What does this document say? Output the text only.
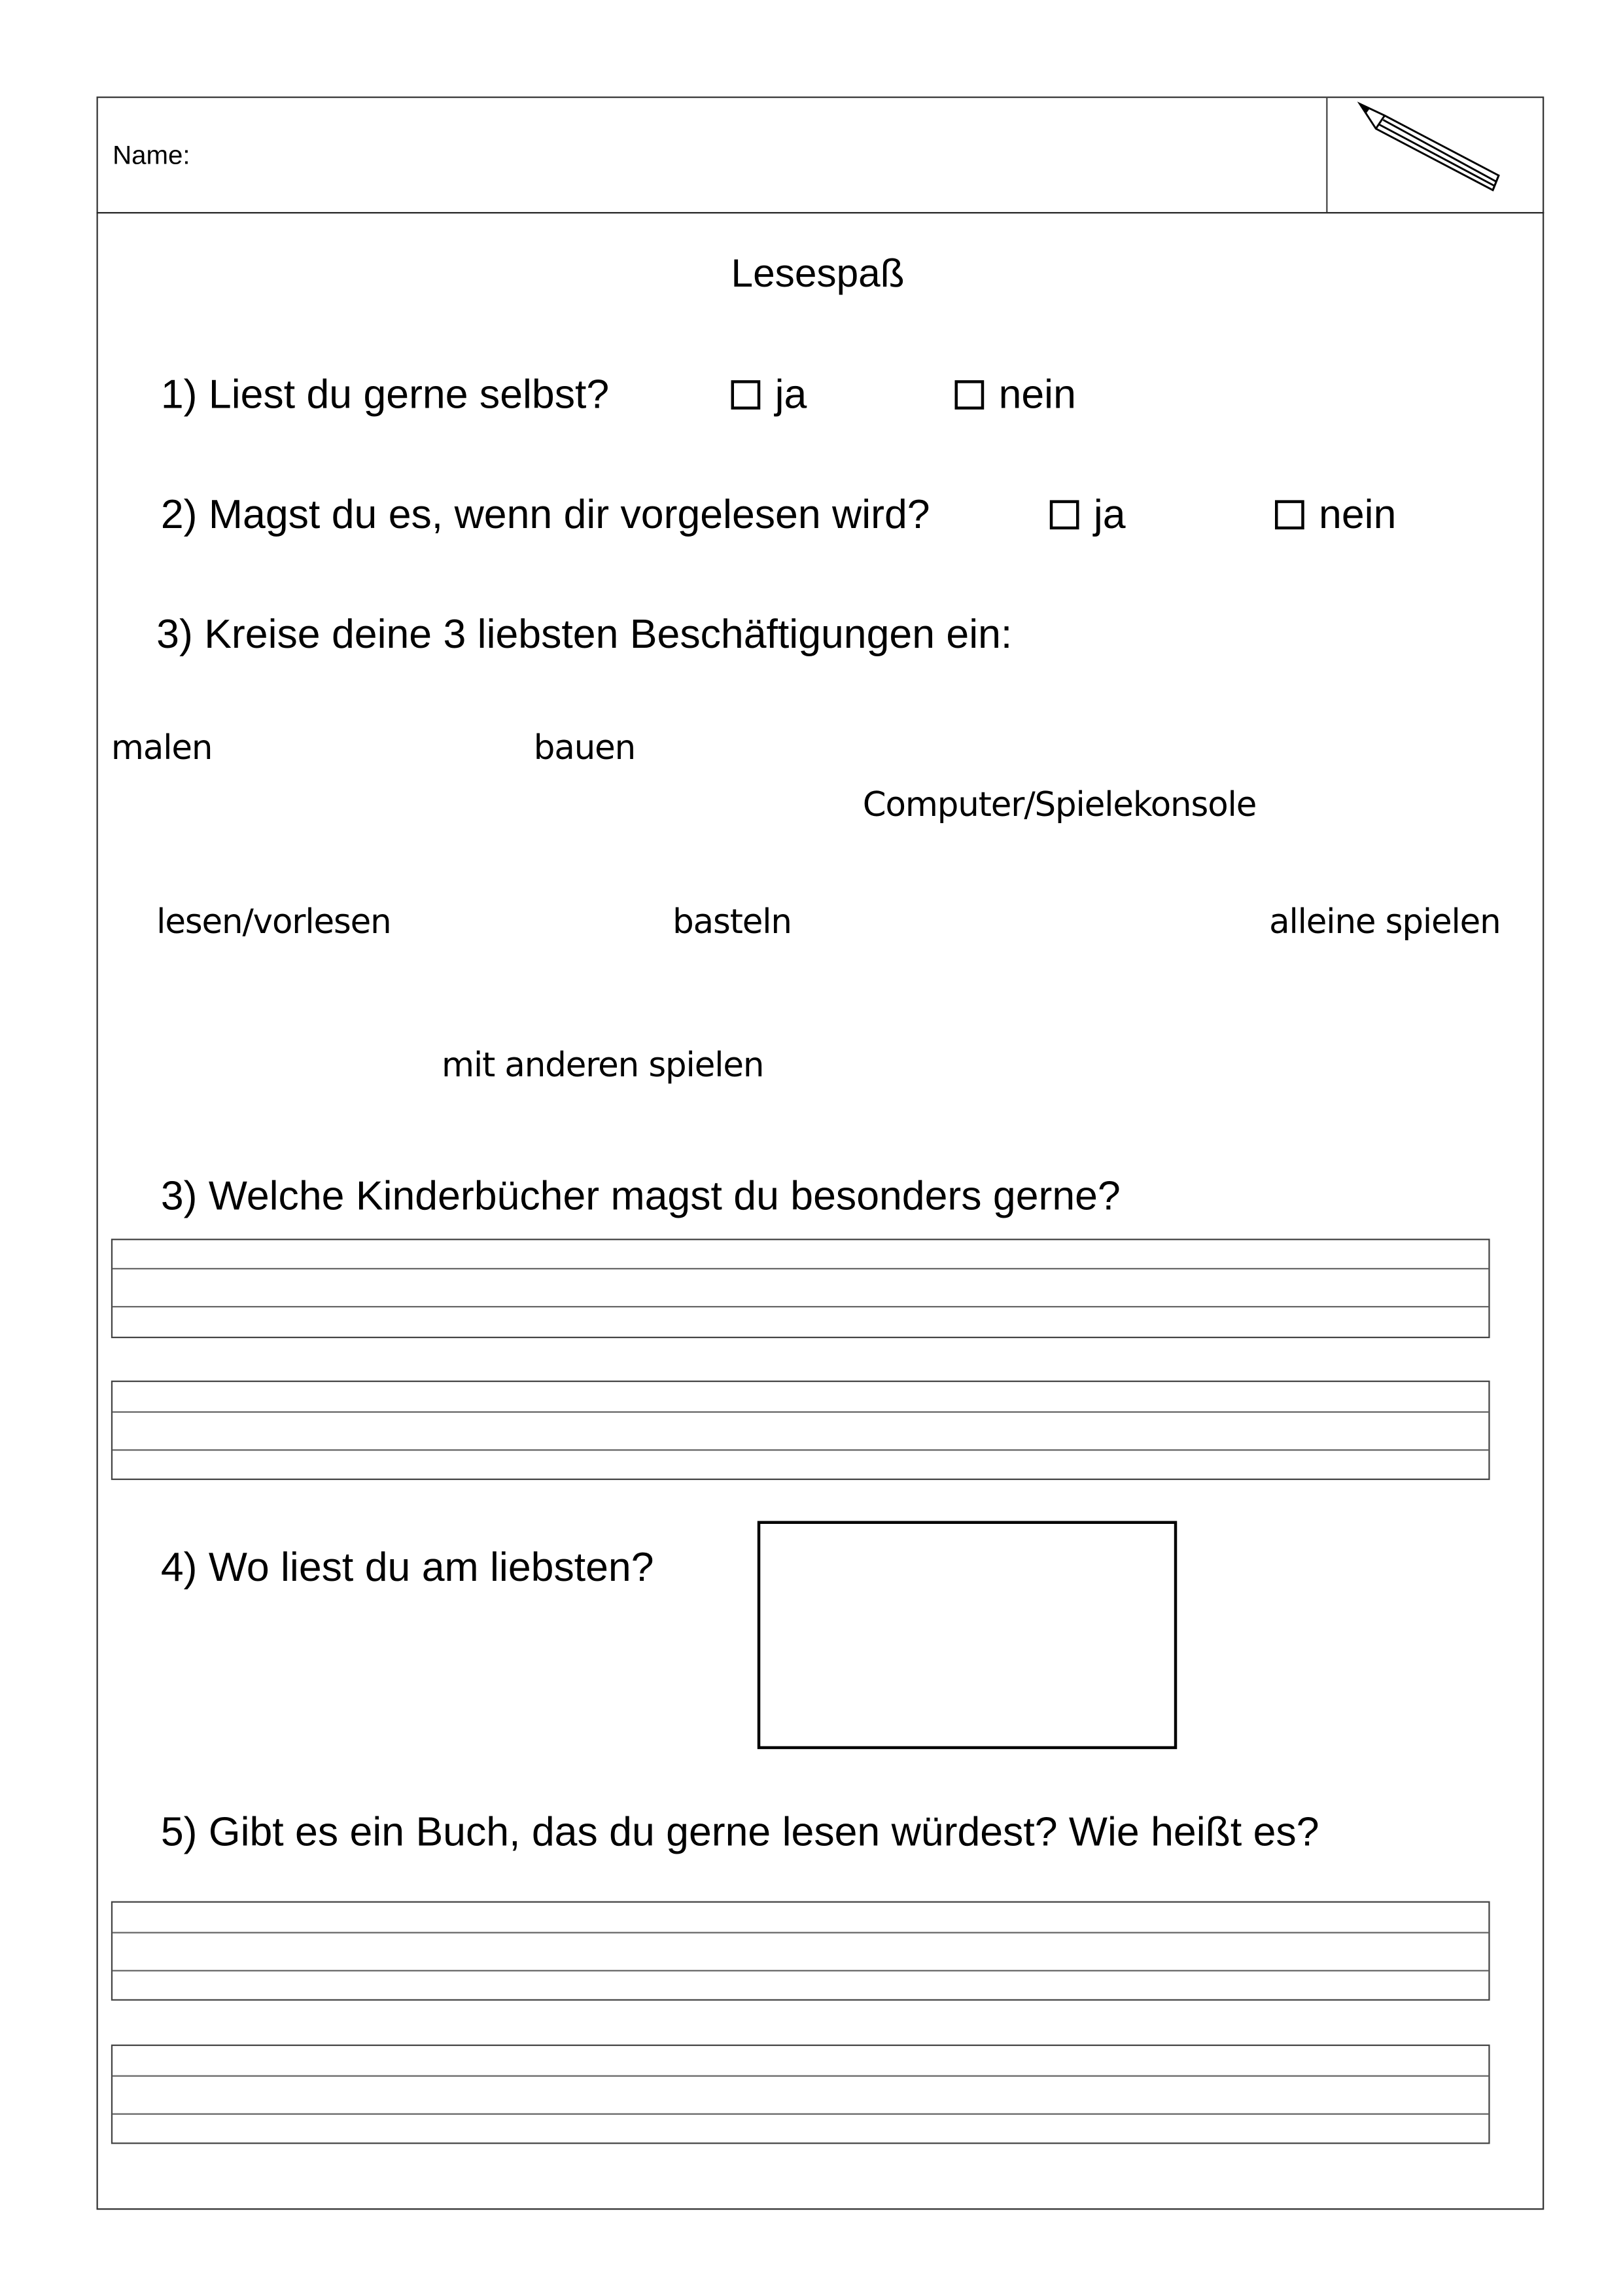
Name:
Lesespaß
1) Liest du gerne selbst?	ja	nein
2) Magst du es, wenn dir vorgelesen wird?	ja	nein
3) Kreise deine 3 liebsten Beschäftigungen ein:
malen	bauen
Computer/Spielekonsole
lesen/vorlesen	basteln	alleine spielen
mit anderen spielen
3) Welche Kinderbücher magst du besonders gerne?
4) Wo liest du am liebsten?
5) Gibt es ein Buch, das du gerne lesen würdest? Wie heißt es?
